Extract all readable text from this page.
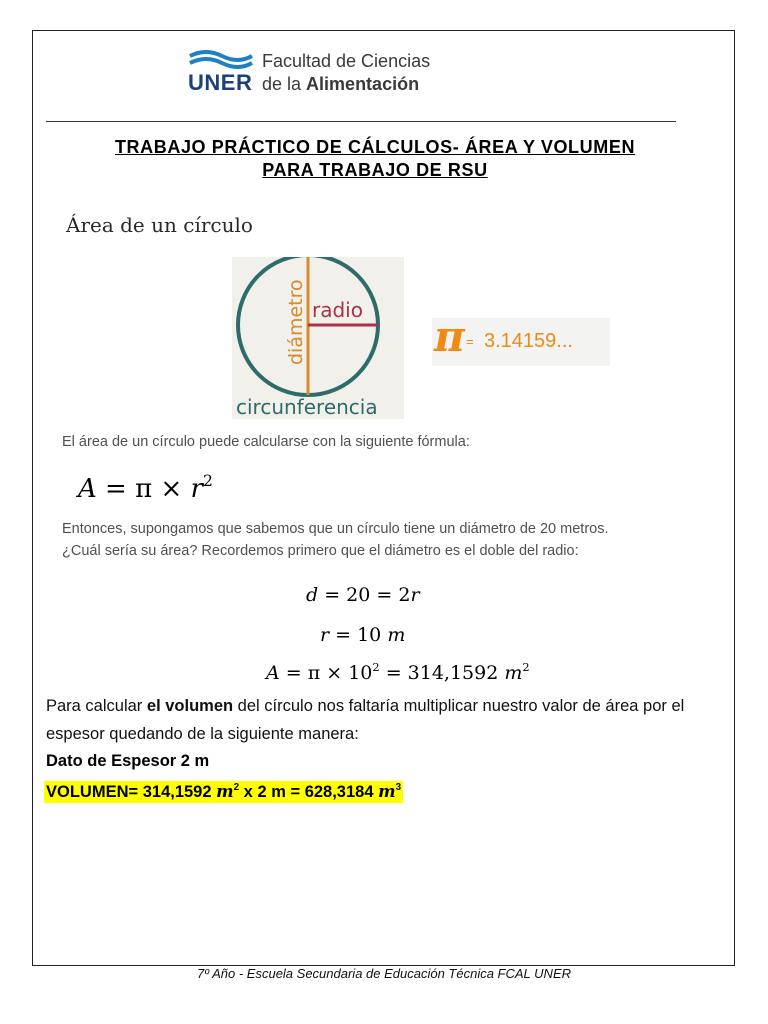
UNER
Facultad de Ciencias
de la Alimentación
TRABAJO PRÁCTICO DE CÁLCULOS- ÁREA Y VOLUMEN
PARA TRABAJO DE RSU
Área de un círculo
diámetro radio
circunferencia
π = 3.14159...
El área de un círculo puede calcularse con la siguiente fórmula:
$A = \pi \times r^2$
Entonces, supongamos que sabemos que un círculo tiene un diámetro de 20 metros.
¿Cuál sería su área? Recordemos primero que el diámetro es el doble del radio:
d = 20 = 2r
r = 10 m
$A = \pi \times 10^2 = 314,1592$ $m^2$
Para calcular el volumen del círculo nos faltaría multiplicar nuestro valor de área por el espesor quedando de la siguiente manera:
Dato de Espesor 2 m
VOLUMEN= 314,1592 $m^2$ x 2 m = 628,3184 $m^3$
7º Año - Escuela Secundaria de Educación Técnica FCAL UNER
